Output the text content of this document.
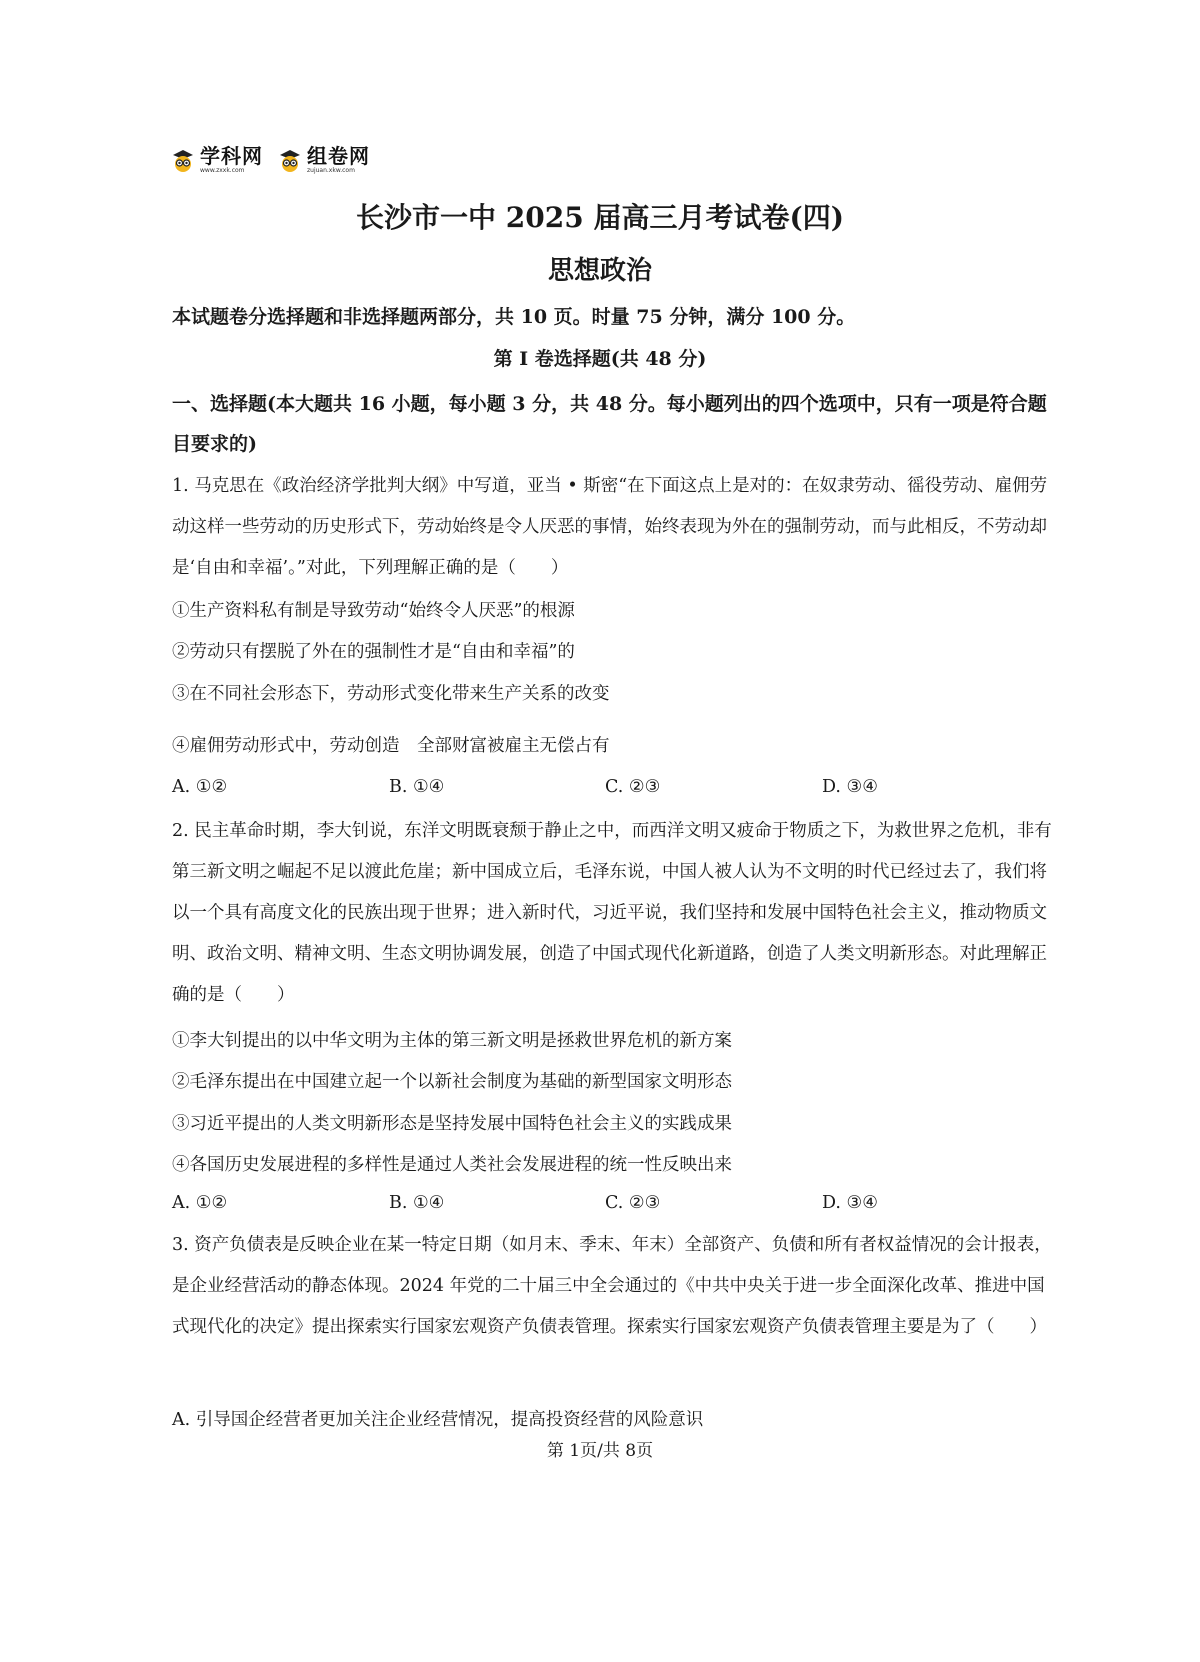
学科网
www.zxxk.com
组卷网
zujuan.xkw.com
长沙市一中 2025 届高三月考试卷(四)
思想政治
本试题卷分选择题和非选择题两部分，共 10 页。时量 75 分钟，满分 100 分。
第 I 卷选择题(共 48 分)
一、选择题(本大题共 16 小题，每小题 3 分，共 48 分。每小题列出的四个选项中，只有一项是符合题目要求的)
1. 马克思在《政治经济学批判大纲》中写道，亚当 • 斯密“在下面这点上是对的：在奴隶劳动、徭役劳动、雇佣劳动这样一些劳动的历史形式下，劳动始终是令人厌恶的事情，始终表现为外在的强制劳动，而与此相反，不劳动却是‘自由和幸福’。”对此，下列理解正确的是（　　）
①生产资料私有制是导致劳动“始终令人厌恶”的根源
②劳动只有摆脱了外在的强制性才是“自由和幸福”的
③在不同社会形态下，劳动形式变化带来生产关系的改变
④雇佣劳动形式中，劳动创造　全部财富被雇主无偿占有
A. ①②	B. ①④	C. ②③	D. ③④
2. 民主革命时期，李大钊说，东洋文明既衰颓于静止之中，而西洋文明又疲命于物质之下，为救世界之危机，非有第三新文明之崛起不足以渡此危崖；新中国成立后，毛泽东说，中国人被人认为不文明的时代已经过去了，我们将以一个具有高度文化的民族出现于世界；进入新时代，习近平说，我们坚持和发展中国特色社会主义，推动物质文明、政治文明、精神文明、生态文明协调发展，创造了中国式现代化新道路，创造了人类文明新形态。对此理解正确的是（　　）
①李大钊提出的以中华文明为主体的第三新文明是拯救世界危机的新方案
②毛泽东提出在中国建立起一个以新社会制度为基础的新型国家文明形态
③习近平提出的人类文明新形态是坚持发展中国特色社会主义的实践成果
④各国历史发展进程的多样性是通过人类社会发展进程的统一性反映出来
A. ①②	B. ①④	C. ②③	D. ③④
3. 资产负债表是反映企业在某一特定日期（如月末、季末、年末）全部资产、负债和所有者权益情况的会计报表，是企业经营活动的静态体现。2024 年党的二十届三中全会通过的《中共中央关于进一步全面深化改革、推进中国式现代化的决定》提出探索实行国家宏观资产负债表管理。探索实行国家宏观资产负债表管理主要是为了（　　）
A. 引导国企经营者更加关注企业经营情况，提高投资经营的风险意识
第 1页/共 8页
